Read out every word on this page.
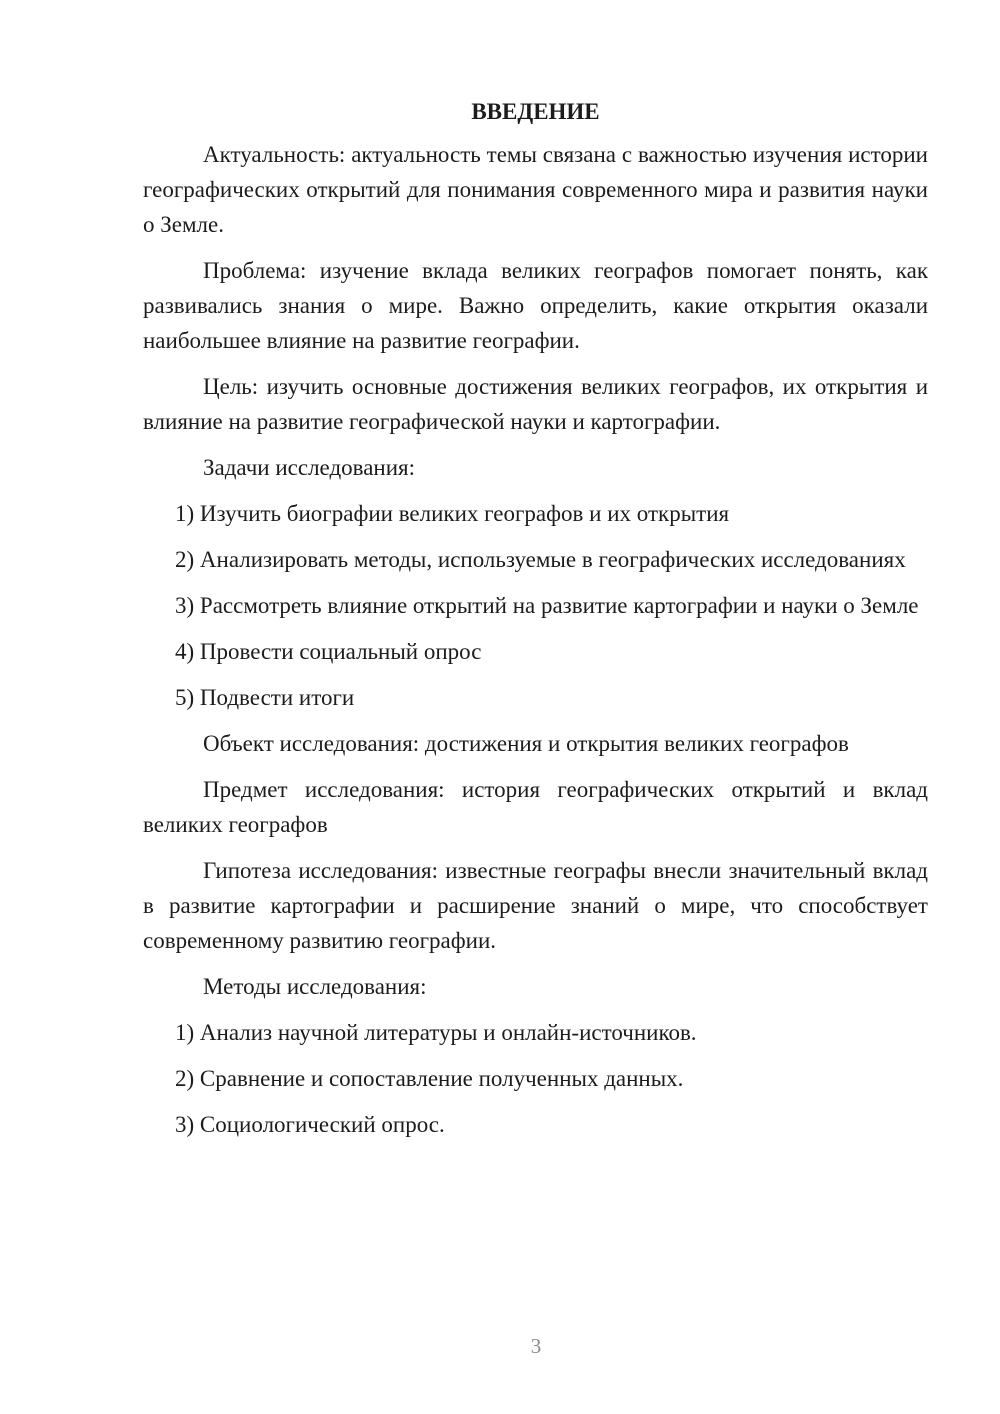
ВВЕДЕНИЕ

Актуальность: актуальность темы связана с важностью изучения истории географических открытий для понимания современного мира и развития науки о Земле.

Проблема: изучение вклада великих географов помогает понять, как развивались знания о мире. Важно определить, какие открытия оказали наибольшее влияние на развитие географии.

Цель: изучить основные достижения великих географов, их открытия и влияние на развитие географической науки и картографии.

Задачи исследования:

1) Изучить биографии великих географов и их открытия

2) Анализировать методы, используемые в географических исследованиях

3) Рассмотреть влияние открытий на развитие картографии и науки о Земле

4) Провести социальный опрос

5) Подвести итоги

Объект исследования: достижения и открытия великих географов

Предмет исследования: история географических открытий и вклад великих географов

Гипотеза исследования: известные географы внесли значительный вклад в развитие картографии и расширение знаний о мире, что способствует современному развитию географии.

Методы исследования:

1) Анализ научной литературы и онлайн-источников.

2) Сравнение и сопоставление полученных данных.

3) Социологический опрос.

3
